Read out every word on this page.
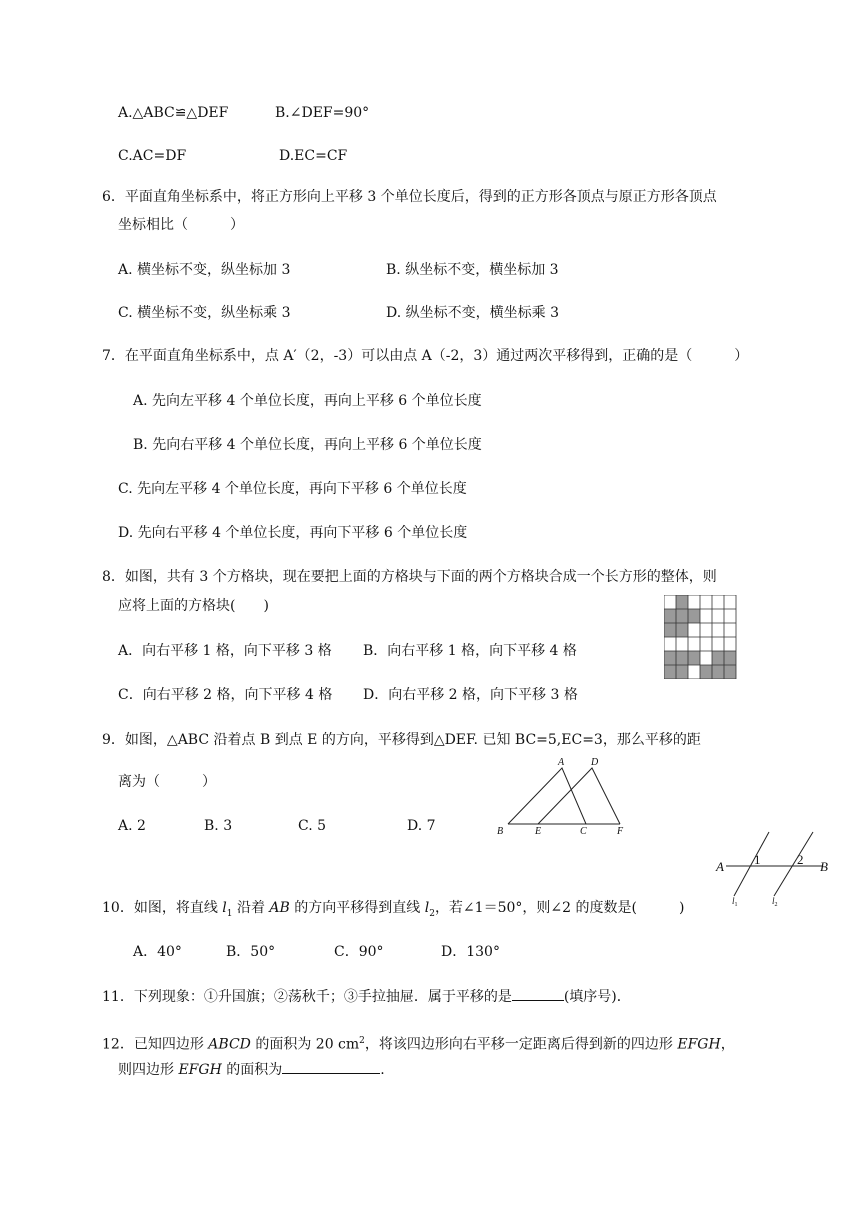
A.△ABC≌△DEF	B.∠DEF=90°
C.AC=DF	D.EC=CF
6．平面直角坐标系中，将正方形向上平移 3 个单位长度后，得到的正方形各顶点与原正方形各顶点
坐标相比（　　　）
A. 横坐标不变，纵坐标加 3	B. 纵坐标不变，横坐标加 3
C. 横坐标不变，纵坐标乘 3	D. 纵坐标不变，横坐标乘 3
7．在平面直角坐标系中，点 A′（2，-3）可以由点 A（-2，3）通过两次平移得到，正确的是（　　　）
A. 先向左平移 4 个单位长度，再向上平移 6 个单位长度
B. 先向右平移 4 个单位长度，再向上平移 6 个单位长度
C. 先向左平移 4 个单位长度，再向下平移 6 个单位长度
D. 先向右平移 4 个单位长度，再向下平移 6 个单位长度
8．如图，共有 3 个方格块，现在要把上面的方格块与下面的两个方格块合成一个长方形的整体，则
应将上面的方格块(　　)
A．向右平移 1 格，向下平移 3 格 B．向右平移 1 格，向下平移 4 格
C．向右平移 2 格，向下平移 4 格 D．向右平移 2 格，向下平移 3 格
9．如图，△ABC 沿着点 B 到点 E 的方向，平移得到△DEF. 已知 BC=5,EC=3，那么平移的距
离为（　　　）
A. 2	B. 3	C. 5	D. 7
A	D
B	E	C	F
A	B
1	2
$l_1$	$l_2$
10．如图，将直线 $l_1$ 沿着 AB 的方向平移得到直线 $l_2$，若∠1＝50°，则∠2 的度数是(　　　)
A．40°	B．50°	C．90°	D．130°
11．下列现象：①升国旗；②荡秋千；③手拉抽屉．属于平移的是	(填序号)．
12．已知四边形 ABCD 的面积为 20 $cm^2$，将该四边形向右平移一定距离后得到新的四边形 EFGH，
则四边形 EFGH 的面积为	.
